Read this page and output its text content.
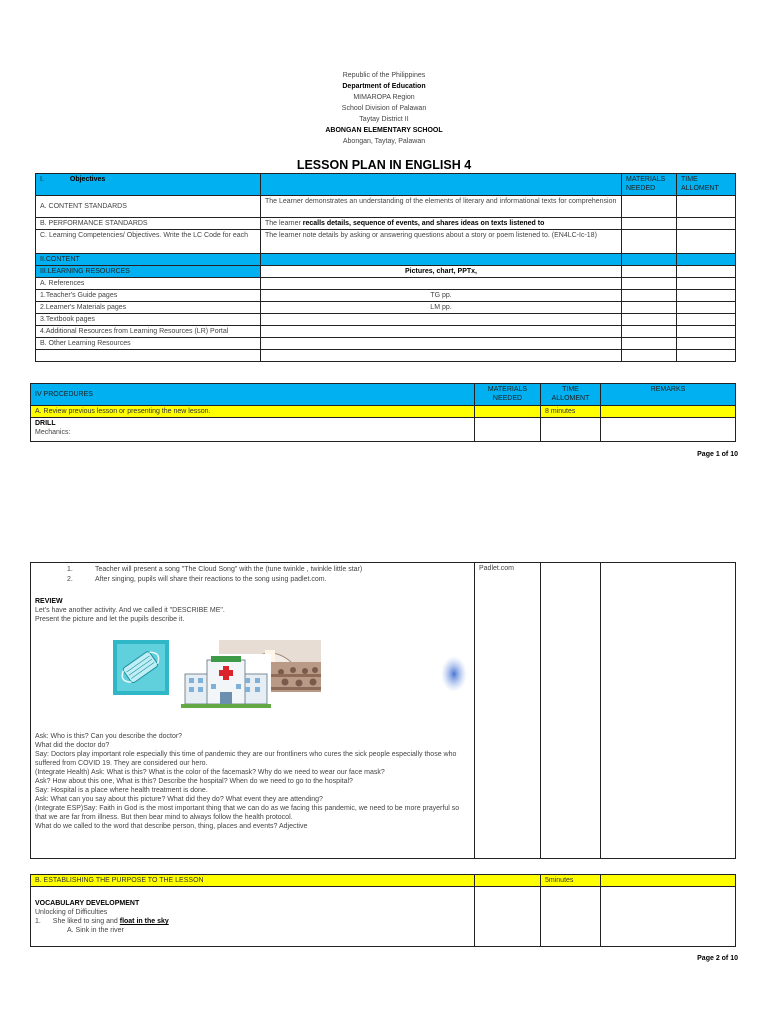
Republic of the Philippines
Department of Education
MIMAROPA Region
School Division of Palawan
Taytay District II
ABONGAN ELEMENTARY SCHOOL
Abongan, Taytay, Palawan
LESSON PLAN IN ENGLISH 4
I. Objectives		MATERIALS NEEDED	TIME ALLOMENT
A. CONTENT STANDARDS	The Learner demonstrates an understanding of the elements of literary and informational texts for comprehension		
B. PERFORMANCE STANDARDS	The learner recalls details, sequence of events, and shares ideas on texts listened to		
C. Learning Competencies/ Objectives. Write the LC Code for each	The learner note details by asking or answering questions about a story or poem listened to. (EN4LC-Ic-18)		
II.CONTENT			
III.LEARNING RESOURCES	Pictures, chart, PPTx,		
A. References			
1.Teacher's Guide pages	TG pp.		
2.Learner's Materials pages	LM pp.		
3.Textbook pages			
4.Additional Resources from Learning Resources (LR) Portal			
B. Other Learning Resources			

IV PROCEDURES	MATERIALS NEEDED	TIME ALLOMENT	REMARKS
A. Review previous lesson or presenting the new lesson.		8 minutes	

DRILL
Mechanics:			

Page 1 of 10
1.	Teacher will present a song "The Cloud Song" with the (tune twinkle , twinkle little star)
2.	After singing, pupils will share their reactions to the song using padlet.com.
REVIEW
Let's have another activity. And we called it "DESCRIBE ME".
Present the picture and let the pupils describe it.
Ask: Who is this? Can you describe the doctor?
What did the doctor do?
Say: Doctors play important role especially this time of pandemic they are our frontliners who cures the sick people especially those who suffered from COVID 19. They are considered our hero.
(Integrate Health) Ask: What is this? What is the color of the facemask? Why do we need to wear our face mask?
Ask? How about this one, What is this? Describe the hospital? When do we need to go to the hospital?
Say: Hospital is a place where health treatment is done.
Ask: What can you say about this picture? What did they do? What event they are attending?
(Integrate ESP)Say: Faith in God is the most important thing that we can do as we facing this pandemic, we need to be more prayerful so that we are far from illness. But then bear mind to always follow the health protocol.
What do we called to the word that describe person, thing, places and events? Adjective
	Padlet.com		
B. ESTABLISHING THE PURPOSE TO THE LESSON		5minutes	

VOCABULARY DEVELOPMENT
Unlocking of Difficulties
1. She liked to sing and float in the sky
A. Sink in the river			

Page 2 of 10
